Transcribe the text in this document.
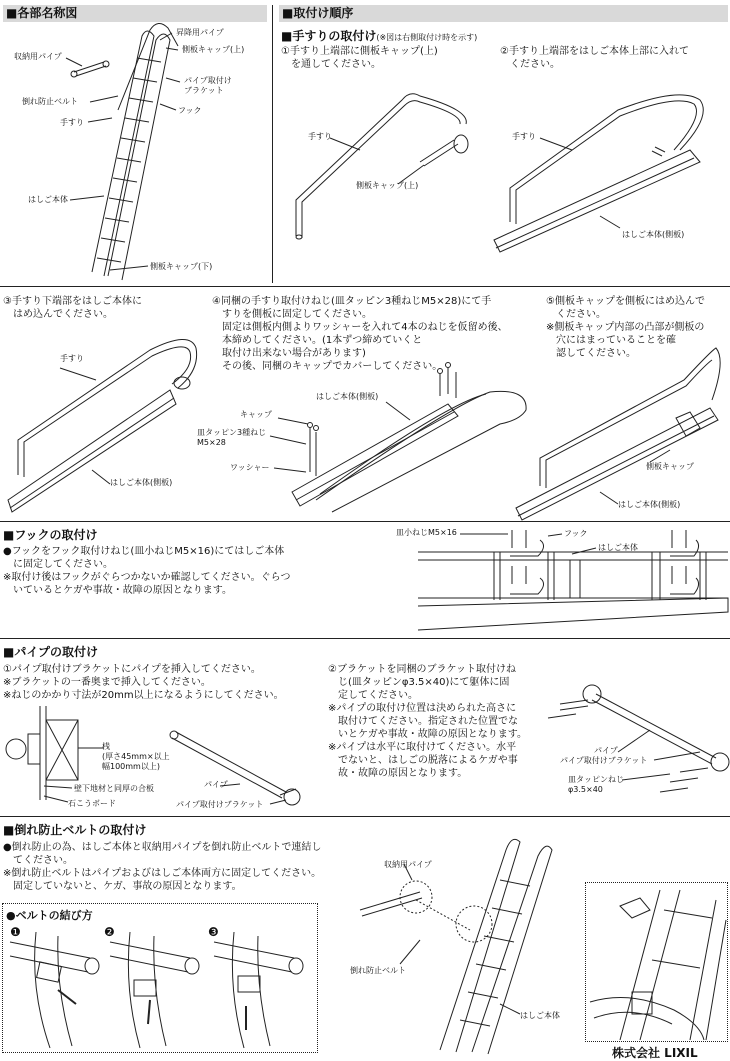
■各部名称図
収納用パイプ
倒れ防止ベルト
手すり
はしご本体
昇降用パイプ
側板キャップ(上)
パイプ取付け
ブラケット
フック
側板キャップ(下)
■取付け順序
■手すりの取付け(※図は右側取付け時を示す)
①手すり上端部に側板キャップ(上)
　を通してください。
②手すり上端部をはしご本体上部に入れて
　ください。
手すり
側板キャップ(上)
手すり
はしご本体(側板)
③手すり下端部をはしご本体に
　はめ込んでください。
④同梱の手すり取付けねじ(皿タッピン3種ねじM5×28)にて手
　すりを側板に固定してください。
　固定は側板内側よりワッシャーを入れて4本のねじを仮留め後、
　本締めしてください。(1本ずつ締めていくと
　取付け出来ない場合があります)
　その後、同梱のキャップでカバーしてください。
⑤側板キャップを側板にはめ込んで
　ください。
※側板キャップ内部の凸部が側板の
　穴にはまっていることを確
　認してください。
手すり
はしご本体(側板)
はしご本体(側板)
キャップ
皿タッピン3種ねじ
M5×28
ワッシャー	側板キャップ
はしご本体(側板)
■フックの取付け
●フックをフック取付けねじ(皿小ねじM5×16)にてはしご本体
　に固定してください。
※取付け後はフックがぐらつかないか確認してください。ぐらつ
　いているとケガや事故・故障の原因となります。
皿小ねじM5×16	フック
はしご本体
■パイプの取付け
①パイプ取付けブラケットにパイプを挿入してください。
※ブラケットの一番奥まで挿入してください。
※ねじのかかり寸法が20mm以上になるようにしてください。
②ブラケットを同梱のブラケット取付けね
　じ(皿タッピンφ3.5×40)にて躯体に固
　定してください。
※パイプの取付け位置は決められた高さに
　取付けてください。指定された位置でな
　いとケガや事故・故障の原因となります。
※パイプは水平に取付けてください。水平
　でないと、はしごの脱落によるケガや事
　故・故障の原因となります。
桟
(厚さ45mm×以上
幅100mm以上)
壁下地材と同厚の合板
石こうボード
パイプ
パイプ取付けブラケット
パイプ
パイプ取付けブラケット
皿タッピンねじ
φ3.5×40
■倒れ防止ベルトの取付け
●倒れ防止の為、はしご本体と収納用パイプを倒れ防止ベルトで連結し
　てください。
※倒れ防止ベルトはパイプおよびはしご本体両方に固定してください。
　固定していないと、ケガ、事故の原因となります。
●ベルトの結び方
❶	❷	❸
収納用パイプ
倒れ防止ベルト
はしご本体
株式会社 LIXIL
